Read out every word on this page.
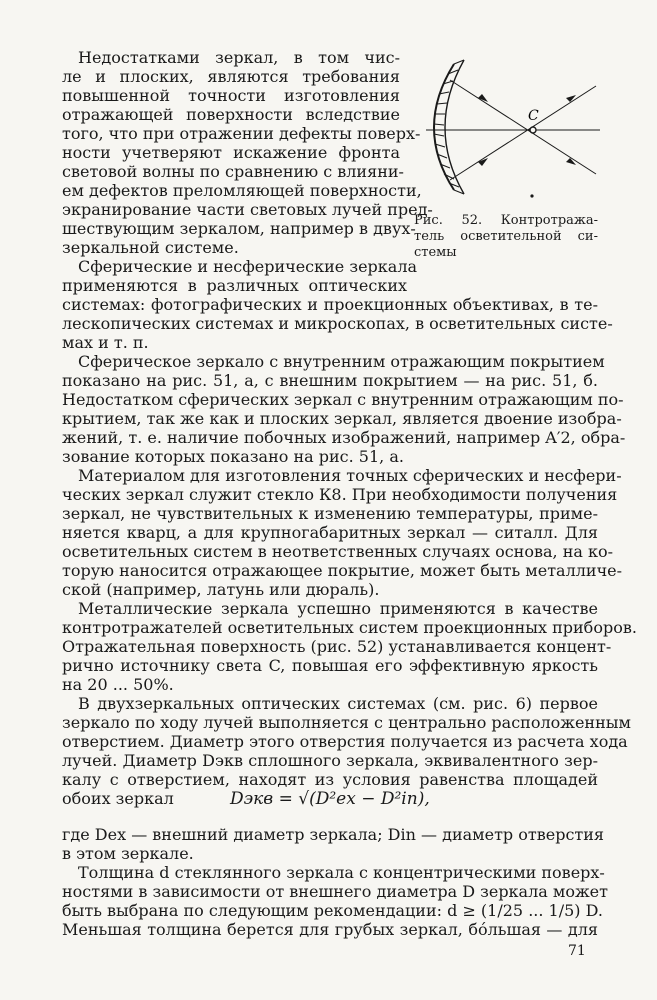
C
Рис. 52. Контротража-
тель осветительной си-
стемы
Недостатками зеркал, в том чис-
ле и плоских, являются требования
повышенной точности изготовления
отражающей поверхности вследствие
того, что при отражении дефекты поверх-
ности учетверяют искажение фронта
световой волны по сравнению с влияни-
ем дефектов преломляющей поверхности,
экранирование части световых лучей пред-
шествующим зеркалом, например в двух-
зеркальной системе.
Сферические и несферические зеркала
применяются в различных оптических
системах: фотографических и проекционных объективах, в те-
лескопических системах и микроскопах, в осветительных систе-
мах и т. п.
Сферическое зеркало с внутренним отражающим покрытием
показано на рис. 51, а, с внешним покрытием — на рис. 51, б.
Недостатком сферических зеркал с внутренним отражающим по-
крытием, так же как и плоских зеркал, является двоение изобра-
жений, т. е. наличие побочных изображений, например A′2, обра-
зование которых показано на рис. 51, а.
Материалом для изготовления точных сферических и несфери-
ческих зеркал служит стекло К8. При необходимости получения
зеркал, не чувствительных к изменению температуры, приме-
няется кварц, а для крупногабаритных зеркал — ситалл. Для
осветительных систем в неответственных случаях основа, на ко-
торую наносится отражающее покрытие, может быть металличе-
ской (например, латунь или дюраль).
Металлические зеркала успешно применяются в качестве
контротражателей осветительных систем проекционных приборов.
Отражательная поверхность (рис. 52) устанавливается концент-
рично источнику света C, повышая его эффективную яркость
на 20 ... 50%.
В двухзеркальных оптических системах (см. рис. 6) первое
зеркало по ходу лучей выполняется с центрально расположенным
отверстием. Диаметр этого отверстия получается из расчета хода
лучей. Диаметр Dэкв сплошного зеркала, эквивалентного зер-
калу с отверстием, находят из условия равенства площадей
обоих зеркал	Dэкв = √(D²ex − D²in),
где Dex — внешний диаметр зеркала; Din — диаметр отверстия
в этом зеркале.
Толщина d стеклянного зеркала с концентрическими поверх-
ностями в зависимости от внешнего диаметра D зеркала может
быть выбрана по следующим рекомендации: d ≥ (1/25 ... 1/5) D.
Меньшая толщина берется для грубых зеркал, бо́льшая — для
71
